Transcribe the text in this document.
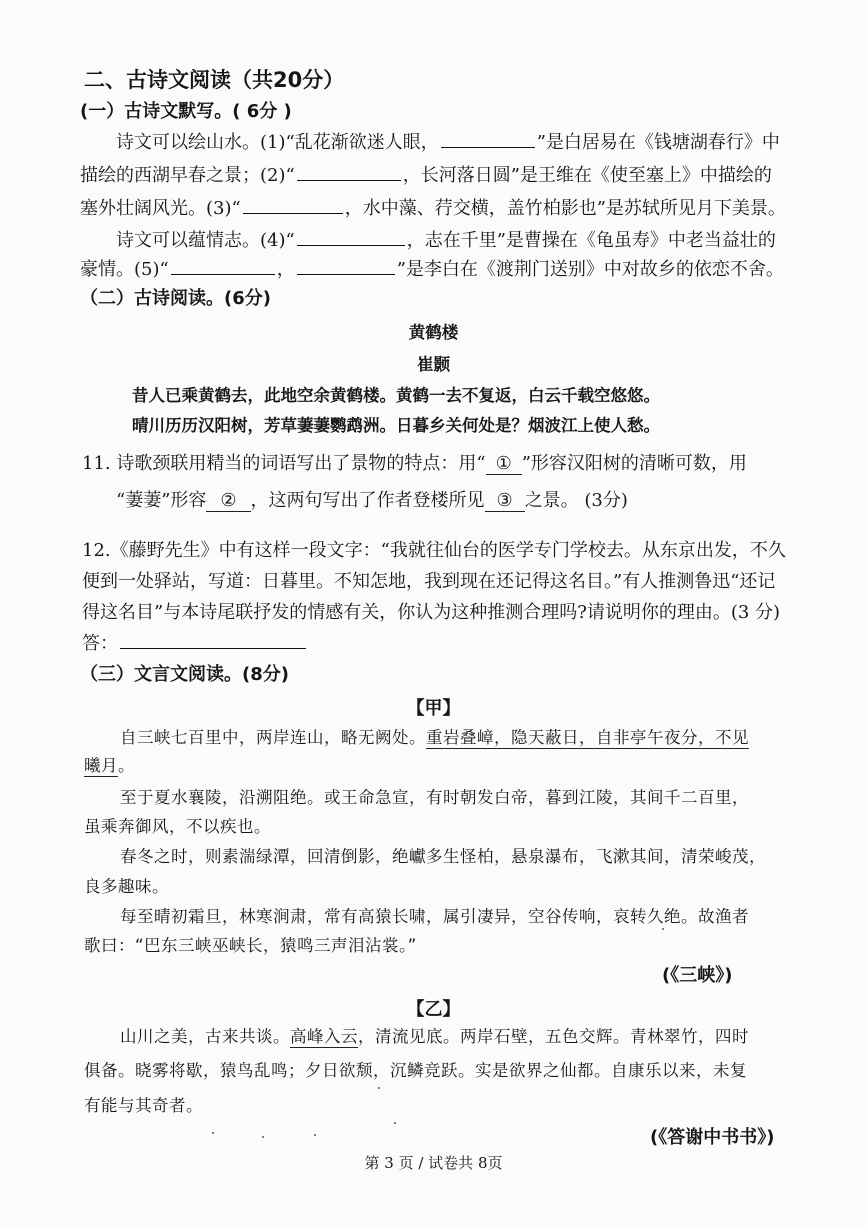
二、古诗文阅读（共20分）
(一）古诗文默写。( 6分 )
诗文可以绘山水。(1)“乱花渐欲迷人眼，	”是白居易在《钱塘湖春行》中
描绘的西湖早春之景；(2)“	，长河落日圆”是王维在《使至塞上》中描绘的
塞外壮阔风光。(3)“	，水中藻、荇交横，盖竹柏影也”是苏轼所见月下美景。
诗文可以蕴情志。(4)“	，志在千里”是曹操在《龟虽寿》中老当益壮的
豪情。(5)“	，	”是李白在《渡荆门送别》中对故乡的依恋不舍。
（二）古诗阅读。(6分)
黄鹤楼
崔颢
昔人已乘黄鹤去，此地空余黄鹤楼。黄鹤一去不复返，白云千载空悠悠。
晴川历历汉阳树，芳草萋萋鹦鹉洲。日暮乡关何处是？烟波江上使人愁。
11. 诗歌颈联用精当的词语写出了景物的特点：用“ ① ”形容汉阳树的清晰可数，用
“萋萋”形容 ② ，这两句写出了作者登楼所见 ③ 之景。 (3分)
12.《藤野先生》中有这样一段文字：“我就往仙台的医学专门学校去。从东京出发，不久
便到一处驿站，写道：日暮里。不知怎地，我到现在还记得这名目。”有人推测鲁迅“还记
得这名目”与本诗尾联抒发的情感有关，你认为这种推测合理吗?请说明你的理由。(3 分)
答：
（三）文言文阅读。(8分)
【甲】
自三峡七百里中，两岸连山，略无阙处。重岩叠嶂，隐天蔽日，自非亭午夜分，不见
曦月。
至于夏水襄陵，沿溯阻绝。或王命急宣，有时朝发白帝，暮到江陵，其间千二百里，
虽乘奔御风，不以疾也。
春冬之时，则素湍绿潭，回清倒影，绝巘多生怪柏，悬泉瀑布，飞漱其间，清荣峻茂，
良多趣味。
每至晴初霜旦，林寒涧肃，常有高猿长啸，属引凄异，空谷传响，哀转久绝。故渔者
歌曰：“巴东三峡巫峡长，猿鸣三声泪沾裳。”
(《三峡》)
【乙】
山川之美，古来共谈。高峰入云，清流见底。两岸石壁，五色交辉。青林翠竹，四时
俱备。晓雾将歇，猿鸟乱鸣；夕日欲颓，沉鳞竞跃。实是欲界之仙都。自康乐以来，未复
有能与其奇者。
(《答谢中书书》)
第 3 页 / 试卷共 8页
